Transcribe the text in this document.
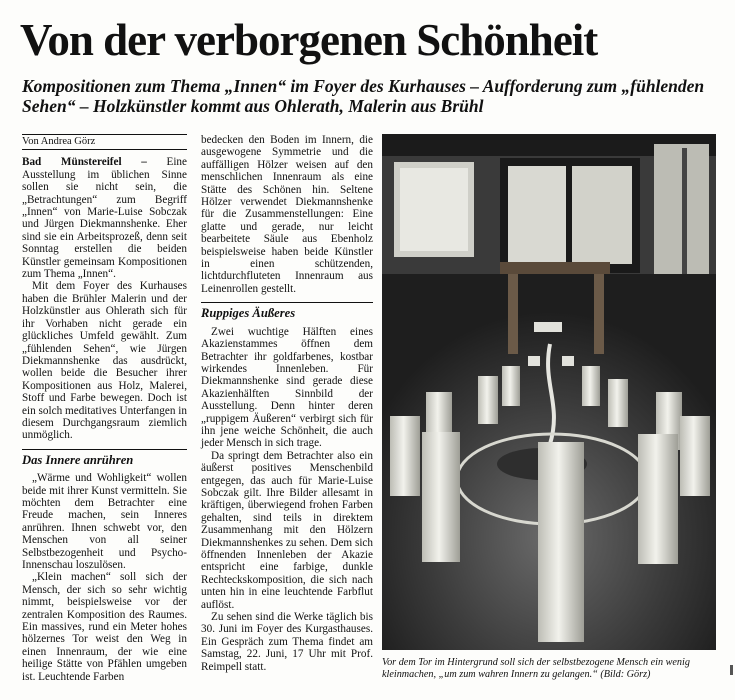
Von der verborgenen Schönheit
Kompositionen zum Thema „Innen“ im Foyer des Kurhauses – Aufforderung zum „fühlenden Sehen“ – Holzkünstler kommt aus Ohlerath, Malerin aus Brühl
Von Andrea Görz

Bad Münstereifel – Eine Ausstellung im üblichen Sinne sollen sie nicht sein, die „Betrachtungen“ zum Begriff „Innen“ von Marie-Luise Sobczak und Jürgen Diekmannshenke. Eher sind sie ein Arbeitsprozeß, denn seit Sonntag erstellen die beiden Künstler gemeinsam Kompositionen zum Thema „Innen“.

Mit dem Foyer des Kurhauses haben die Brühler Malerin und der Holzkünstler aus Ohlerath sich für ihr Vorhaben nicht gerade ein glückliches Umfeld gewählt. Zum „fühlenden Sehen“, wie Jürgen Diekmannshenke das ausdrückt, wollen beide die Besucher ihrer Kompositionen aus Holz, Malerei, Stoff und Farbe bewegen. Doch ist ein solch meditatives Unterfangen in diesem Durchgangsraum ziemlich unmöglich.

Das Innere anrühren

„Wärme und Wohligkeit“ wollen beide mit ihrer Kunst vermitteln. Sie möchten dem Betrachter eine Freude machen, sein Inneres anrühren. Ihnen schwebt vor, den Menschen von all seiner Selbstbezogenheit und Psycho-Innenschau loszulösen.

„Klein machen“ soll sich der Mensch, der sich so sehr wichtig nimmt, beispielsweise vor der zentralen Komposition des Raumes. Ein massives, rund ein Meter hohes hölzernes Tor weist den Weg in einen Innenraum, der wie eine heilige Stätte von Pfählen umgeben ist. Leuchtende Farben

bedecken den Boden im Innern, die ausgewogene Symmetrie und die auffälligen Hölzer weisen auf den menschlichen Innenraum als eine Stätte des Schönen hin. Seltene Hölzer verwendet Diekmannshenke für die Zusammenstellungen: Eine glatte und gerade, nur leicht bearbeitete Säule aus Ebenholz beispielsweise haben beide Künstler in einen schützenden, lichtdurchfluteten Innenraum aus Leinenrollen gestellt.

Ruppiges Äußeres

Zwei wuchtige Hälften eines Akazienstammes öffnen dem Betrachter ihr goldfarbenes, kostbar wirkendes Innenleben. Für Diekmannshenke sind gerade diese Akazienhälften Sinnbild der Ausstellung. Denn hinter deren „ruppigem Äußeren“ verbirgt sich für ihn jene weiche Schönheit, die auch jeder Mensch in sich trage.

Da springt dem Betrachter also ein äußerst positives Menschenbild entgegen, das auch für Marie-Luise Sobczak gilt. Ihre Bilder allesamt in kräftigen, überwiegend frohen Farben gehalten, sind teils in direktem Zusammenhang mit den Hölzern Diekmannshenkes zu sehen. Dem sich öffnenden Innenleben der Akazie entspricht eine farbige, dunkle Rechteckskomposition, die sich nach unten hin in eine leuchtende Farbflut auflöst.

Zu sehen sind die Werke täglich bis 30. Juni im Foyer des Kurgasthauses. Ein Gespräch zum Thema findet am Samstag, 22. Juni, 17 Uhr mit Prof. Reimpell statt.	Vor dem Tor im Hintergrund soll sich der selbstbezogene Mensch ein wenig kleinmachen, „um zum wahren Innern zu gelangen.“ (Bild: Görz)
